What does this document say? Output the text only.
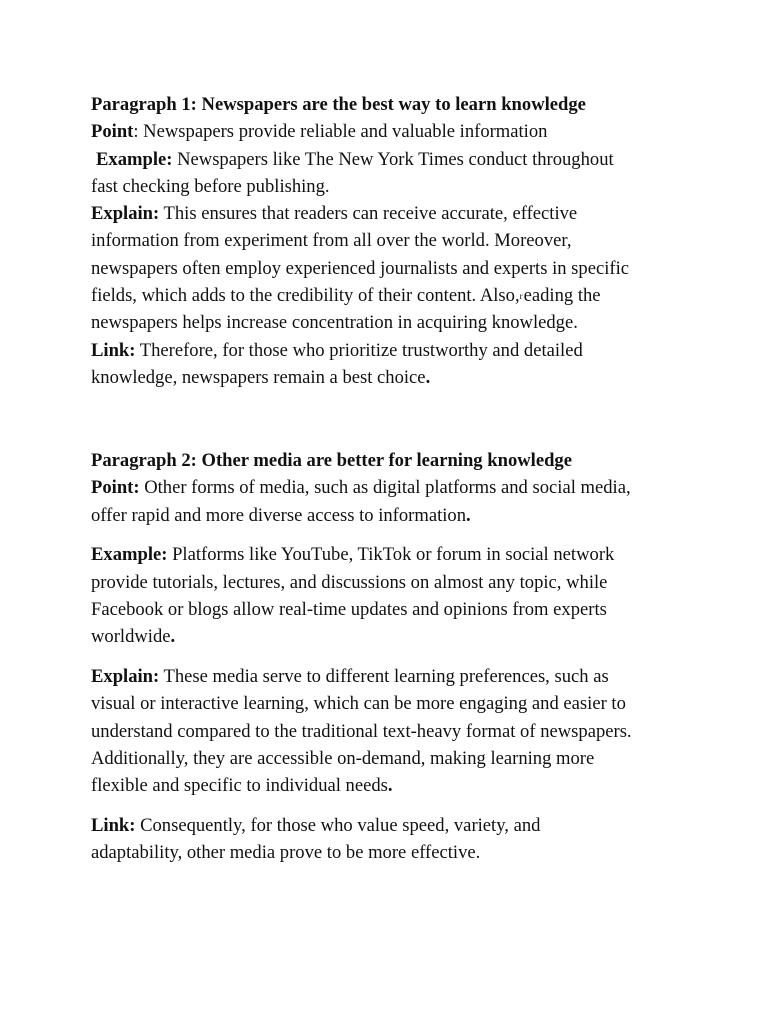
Paragraph 1: Newspapers are the best way to learn knowledge
Point: Newspapers provide reliable and valuable information
Example: Newspapers like The New York Times conduct throughout
fast checking before publishing.
Explain: This ensures that readers can receive accurate, effective
information from experiment from all over the world. Moreover,
newspapers often employ experienced journalists and experts in specific
fields, which adds to the credibility of their content. Also,reading the
newspapers helps increase concentration in acquiring knowledge.
Link: Therefore, for those who prioritize trustworthy and detailed
knowledge, newspapers remain a best choice.
Paragraph 2: Other media are better for learning knowledge
Point: Other forms of media, such as digital platforms and social media,
offer rapid and more diverse access to information.
Example: Platforms like YouTube, TikTok or forum in social network
provide tutorials, lectures, and discussions on almost any topic, while
Facebook or blogs allow real-time updates and opinions from experts
worldwide.
Explain: These media serve to different learning preferences, such as
visual or interactive learning, which can be more engaging and easier to
understand compared to the traditional text-heavy format of newspapers.
Additionally, they are accessible on-demand, making learning more
flexible and specific to individual needs.
Link: Consequently, for those who value speed, variety, and
adaptability, other media prove to be more effective.
